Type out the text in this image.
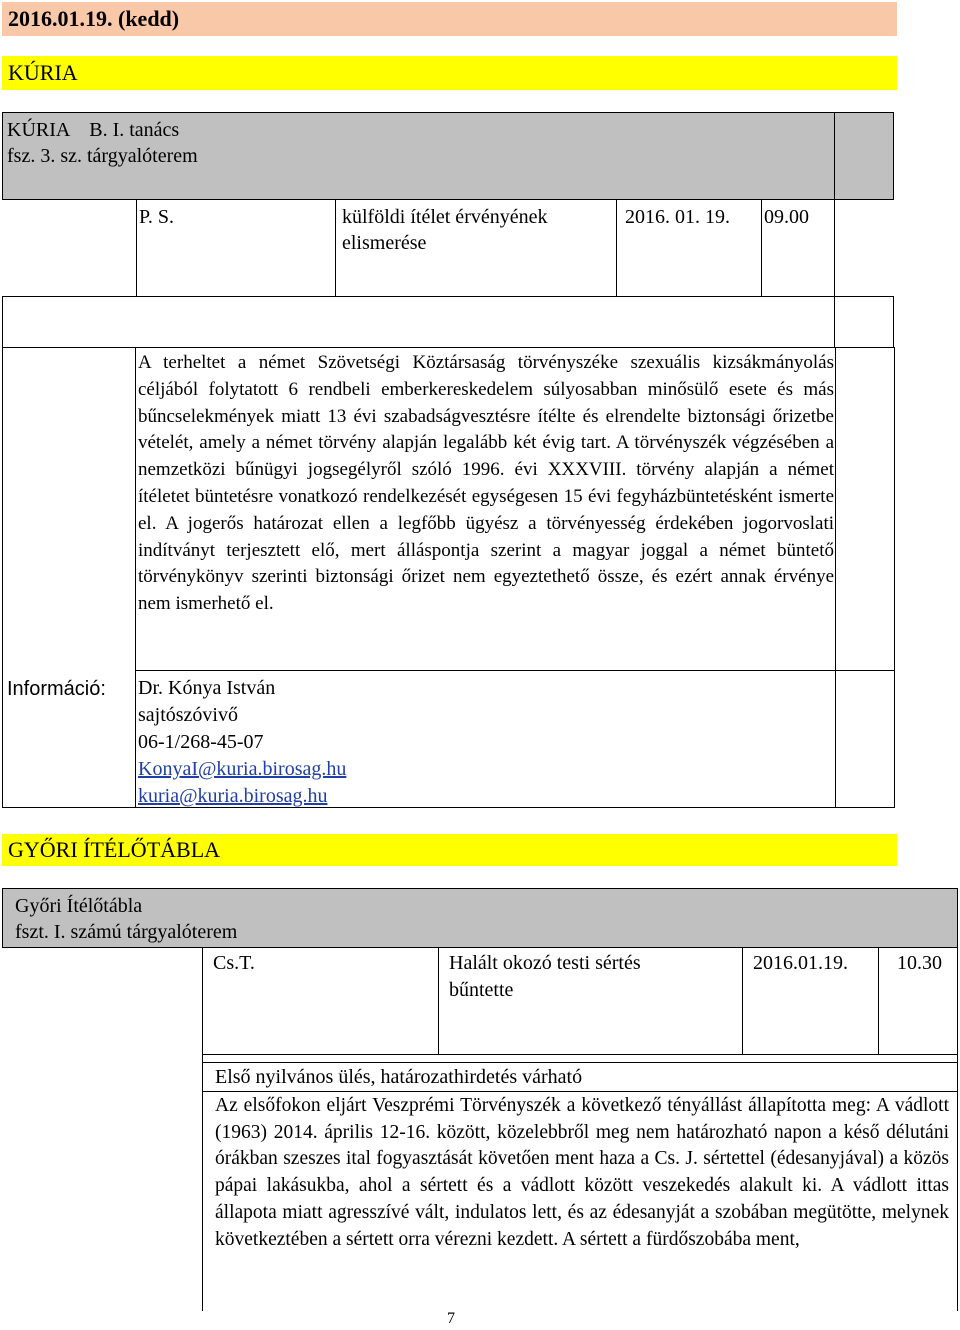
2016.01.19. (kedd)
KÚRIA
KÚRIA    B. I. tanács
fsz. 3. sz. tárgyalóterem
P. S.	külföldi ítélet érvényének elismerése
2016. 01. 19. 09.00
Információ:
A terheltet a német Szövetségi Köztársaság törvényszéke szexuális kizsákmányolás céljából folytatott 6 rendbeli emberkereskedelem súlyosabban minősülő esete és más bűncselekmények miatt 13 évi szabadságvesztésre ítélte és elrendelte biztonsági őrizetbe vételét, amely a német törvény alapján legalább két évig tart. A törvényszék végzésében a nemzetközi bűnügyi jogsegélyről szóló 1996. évi XXXVIII. törvény alapján a német ítéletet büntetésre vonatkozó rendelkezését egységesen 15 évi fegyházbüntetésként ismerte el. A jogerős határozat ellen a legfőbb ügyész a törvényesség érdekében jogorvoslati indítványt terjesztett elő, mert álláspontja szerint a magyar joggal a német büntető törvénykönyv szerinti biztonsági őrizet nem egyeztethető össze, és ezért annak érvénye nem ismerhető el.
Dr. Kónya István
sajtószóvivő
06-1/268-45-07
KonyaI@kuria.birosag.hu
kuria@kuria.birosag.hu
GYŐRI ÍTÉLŐTÁBLA
Győri Ítélőtábla
fszt. I. számú tárgyalóterem
Cs.T.	Halált okozó testi sértés bűntette
2016.01.19. 10.30
Első nyilvános ülés, határozathirdetés várható
Az elsőfokon eljárt Veszprémi Törvényszék a következő tényállást állapította meg: A vádlott (1963) 2014. április 12-16. között, közelebbről meg nem határozható napon a késő délutáni órákban szeszes ital fogyasztását követően ment haza a Cs. J. sértettel (édesanyjával) a közös pápai lakásukba, ahol a sértett és a vádlott között veszekedés alakult ki. A vádlott ittas állapota miatt agresszívé vált, indulatos lett, és az édesanyját a szobában megütötte, melynek következtében a sértett orra vérezni kezdett. A sértett a fürdőszobába ment,
7
